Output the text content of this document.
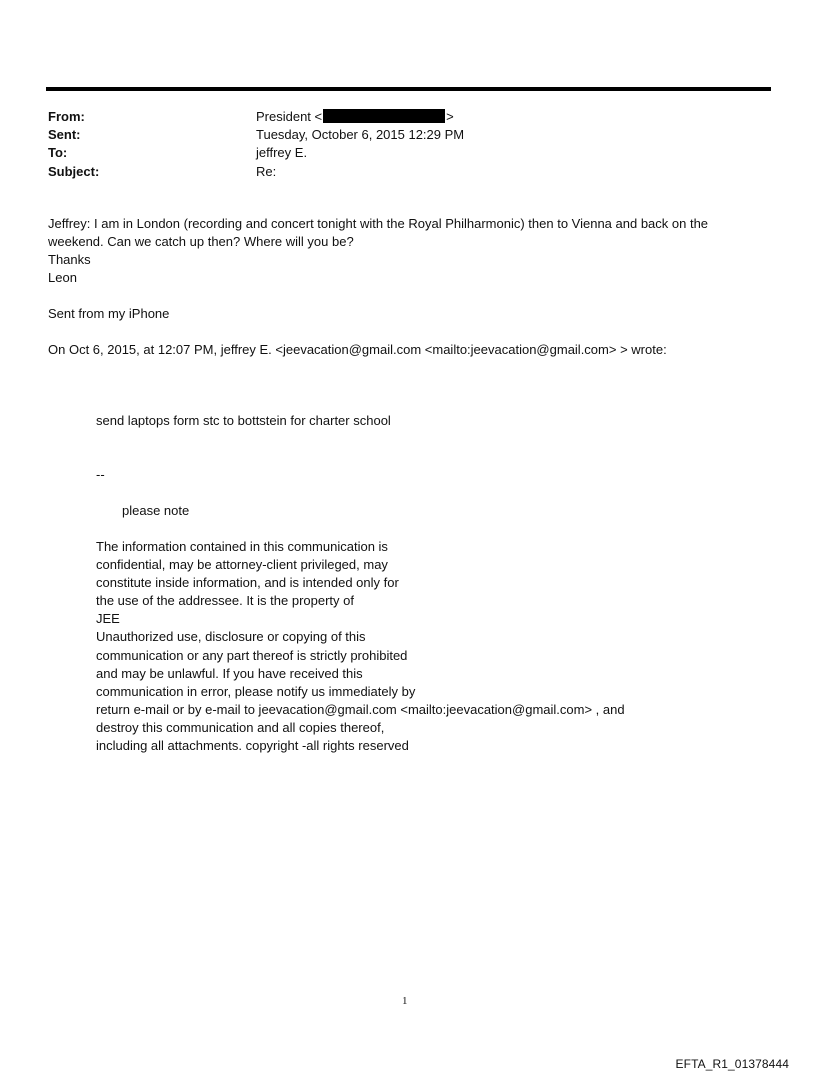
From:	President <	>
Sent:	Tuesday, October 6, 2015 12:29 PM
To:	jeffrey E.
Subject:	Re:
Jeffrey: I am in London (recording and concert tonight with the Royal Philharmonic) then to Vienna and back on the
weekend. Can we catch up then? Where will you be?
Thanks
Leon
Sent from my iPhone
On Oct 6, 2015, at 12:07 PM, jeffrey E. <jeevacation@gmail.com <mailto:jeevacation@gmail.com> > wrote:
send laptops form stc to bottstein for charter school
--
please note
The information contained in this communication is
confidential, may be attorney-client privileged, may
constitute inside information, and is intended only for
the use of the addressee. It is the property of
JEE
Unauthorized use, disclosure or copying of this
communication or any part thereof is strictly prohibited
and may be unlawful. If you have received this
communication in error, please notify us immediately by
return e-mail or by e-mail to jeevacation@gmail.com <mailto:jeevacation@gmail.com> , and
destroy this communication and all copies thereof,
including all attachments. copyright -all rights reserved
1
EFTA_R1_01378444
